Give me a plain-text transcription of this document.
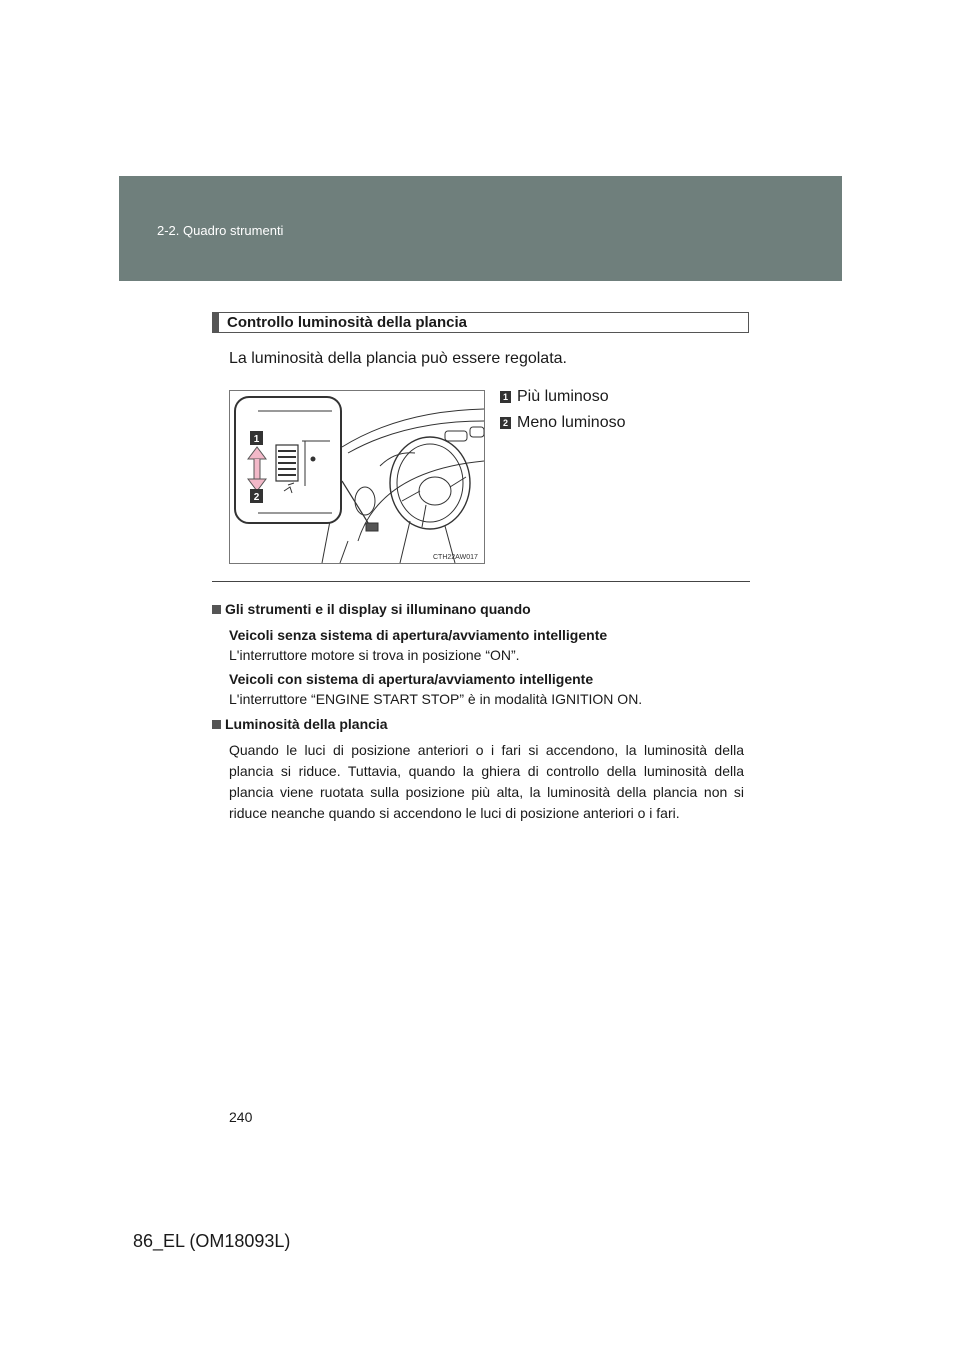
2-2. Quadro strumenti
Controllo luminosità della plancia
La luminosità della plancia può essere regolata.
1
2
CTH22AW017
1 Più luminoso
2 Meno luminoso
Gli strumenti e il display si illuminano quando
Veicoli senza sistema di apertura/avviamento intelligente
L'interruttore motore si trova in posizione “ON”.
Veicoli con sistema di apertura/avviamento intelligente
L'interruttore “ENGINE START STOP” è in modalità IGNITION ON.
Luminosità della plancia
Quando le luci di posizione anteriori o i fari si accendono, la luminosità della plancia si riduce. Tuttavia, quando la ghiera di controllo della luminosità della plancia viene ruotata sulla posizione più alta, la luminosità della plancia non si riduce neanche quando si accendono le luci di posizione anteriori o i fari.
240
86_EL (OM18093L)
